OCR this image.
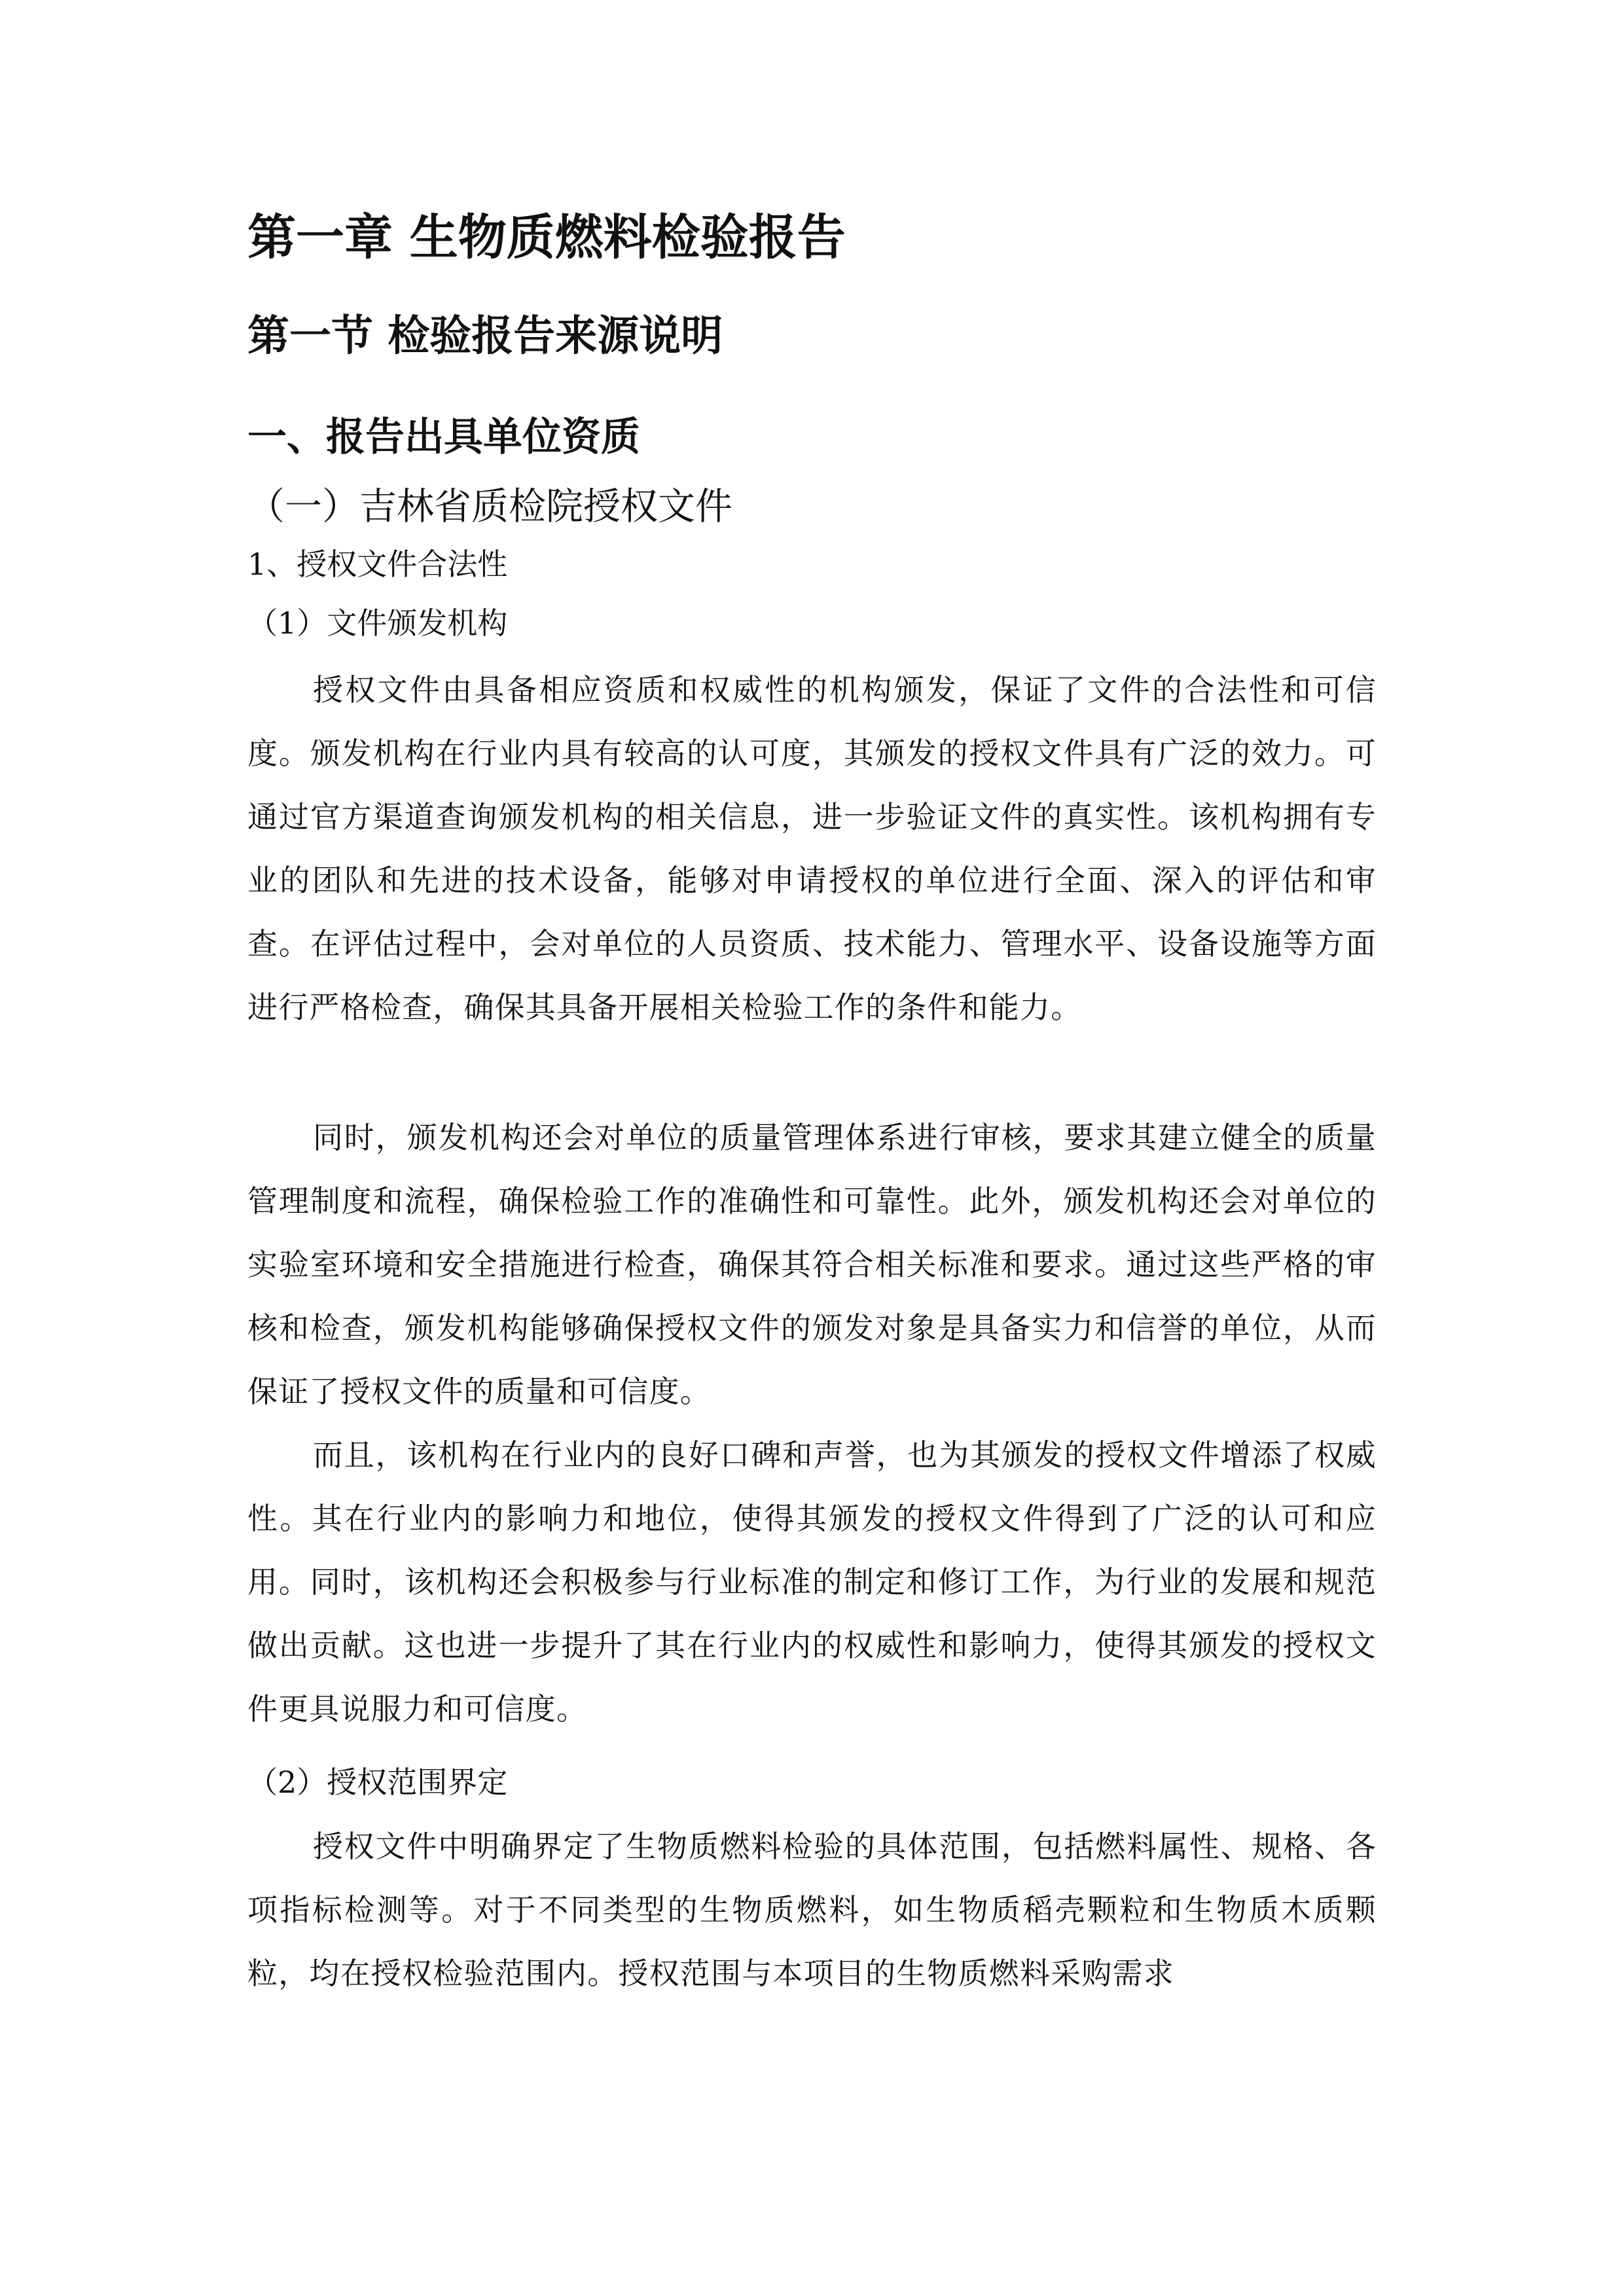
第一章 生物质燃料检验报告
第一节 检验报告来源说明
一、报告出具单位资质
（一）吉林省质检院授权文件
1、授权文件合法性
（1）文件颁发机构

授权文件由具备相应资质和权威性的机构颁发，保证了文件的合法性和可信度。颁发机构在行业内具有较高的认可度，其颁发的授权文件具有广泛的效力。可通过官方渠道查询颁发机构的相关信息，进一步验证文件的真实性。该机构拥有专业的团队和先进的技术设备，能够对申请授权的单位进行全面、深入的评估和审查。在评估过程中，会对单位的人员资质、技术能力、管理水平、设备设施等方面进行严格检查，确保其具备开展相关检验工作的条件和能力。

同时，颁发机构还会对单位的质量管理体系进行审核，要求其建立健全的质量管理制度和流程，确保检验工作的准确性和可靠性。此外，颁发机构还会对单位的实验室环境和安全措施进行检查，确保其符合相关标准和要求。通过这些严格的审核和检查，颁发机构能够确保授权文件的颁发对象是具备实力和信誉的单位，从而保证了授权文件的质量和可信度。

而且，该机构在行业内的良好口碑和声誉，也为其颁发的授权文件增添了权威性。其在行业内的影响力和地位，使得其颁发的授权文件得到了广泛的认可和应用。同时，该机构还会积极参与行业标准的制定和修订工作，为行业的发展和规范做出贡献。这也进一步提升了其在行业内的权威性和影响力，使得其颁发的授权文件更具说服力和可信度。

（2）授权范围界定

授权文件中明确界定了生物质燃料检验的具体范围，包括燃料属性、规格、各项指标检测等。对于不同类型的生物质燃料，如生物质稻壳颗粒和生物质木质颗粒，均在授权检验范围内。授权范围与本项目的生物质燃料采购需求
